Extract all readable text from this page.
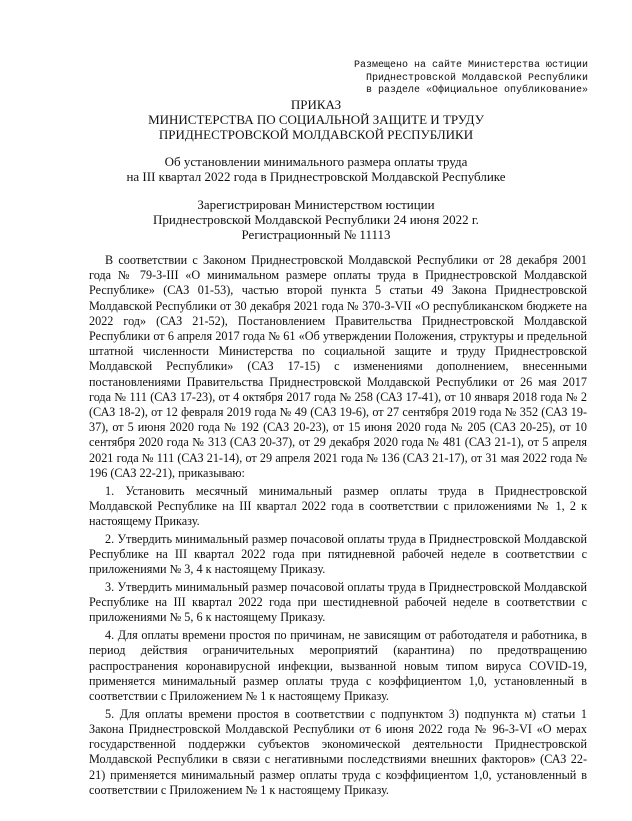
Размещено на сайте Министерства юстиции
Приднестровской Молдавской Республики
в разделе «Официальное опубликование»
ПРИКАЗ
МИНИСТЕРСТВА ПО СОЦИАЛЬНОЙ ЗАЩИТЕ И ТРУДУ
ПРИДНЕСТРОВСКОЙ МОЛДАВСКОЙ РЕСПУБЛИКИ
Об установлении минимального размера оплаты труда
на III квартал 2022 года в Приднестровской Молдавской Республике
Зарегистрирован Министерством юстиции
Приднестровской Молдавской Республики 24 июня 2022 г.
Регистрационный № 11113

В соответствии с Законом Приднестровской Молдавской Республики от 28 декабря 2001 года № 79-З-III «О минимальном размере оплаты труда в Приднестровской Молдавской Республике» (САЗ 01-53), частью второй пункта 5 статьи 49 Закона Приднестровской Молдавской Республики от 30 декабря 2021 года № 370-З-VII «О республиканском бюджете на 2022 год» (САЗ 21-52), Постановлением Правительства Приднестровской Молдавской Республики от 6 апреля 2017 года № 61 «Об утверждении Положения, структуры и предельной штатной численности Министерства по социальной защите и труду Приднестровской Молдавской Республики» (САЗ 17-15) с изменениями дополнением, внесенными постановлениями Правительства Приднестровской Молдавской Республики от 26 мая 2017 года № 111 (САЗ 17-23), от 4 октября 2017 года № 258 (САЗ 17-41), от 10 января 2018 года № 2 (САЗ 18-2), от 12 февраля 2019 года № 49 (САЗ 19-6), от 27 сентября 2019 года № 352 (САЗ 19-37), от 5 июня 2020 года № 192 (САЗ 20-23), от 15 июня 2020 года № 205 (САЗ 20-25), от 10 сентября 2020 года № 313 (САЗ 20-37), от 29 декабря 2020 года № 481 (САЗ 21-1), от 5 апреля 2021 года № 111 (САЗ 21-14), от 29 апреля 2021 года № 136 (САЗ 21-17), от 31 мая 2022 года № 196 (САЗ 22-21), приказываю:

1. Установить месячный минимальный размер оплаты труда в Приднестровской Молдавской Республике на III квартал 2022 года в соответствии с приложениями № 1, 2 к настоящему Приказу.

2. Утвердить минимальный размер почасовой оплаты труда в Приднестровской Молдавской Республике на III квартал 2022 года при пятидневной рабочей неделе в соответствии с приложениями № 3, 4 к настоящему Приказу.

3. Утвердить минимальный размер почасовой оплаты труда в Приднестровской Молдавской Республике на III квартал 2022 года при шестидневной рабочей неделе в соответствии с приложениями № 5, 6 к настоящему Приказу.

4. Для оплаты времени простоя по причинам, не зависящим от работодателя и работника, в период действия ограничительных мероприятий (карантина) по предотвращению распространения коронавирусной инфекции, вызванной новым типом вируса COVID-19, применяется минимальный размер оплаты труда с коэффициентом 1,0, установленный в соответствии с Приложением № 1 к настоящему Приказу.

5. Для оплаты времени простоя в соответствии с подпунктом 3) подпункта м) статьи 1 Закона Приднестровской Молдавской Республики от 6 июня 2022 года № 96-З-VI «О мерах государственной поддержки субъектов экономической деятельности Приднестровской Молдавской Республики в связи с негативными последствиями внешних факторов» (САЗ 22-21) применяется минимальный размер оплаты труда с коэффициентом 1,0, установленный в соответствии с Приложением № 1 к настоящему Приказу.
